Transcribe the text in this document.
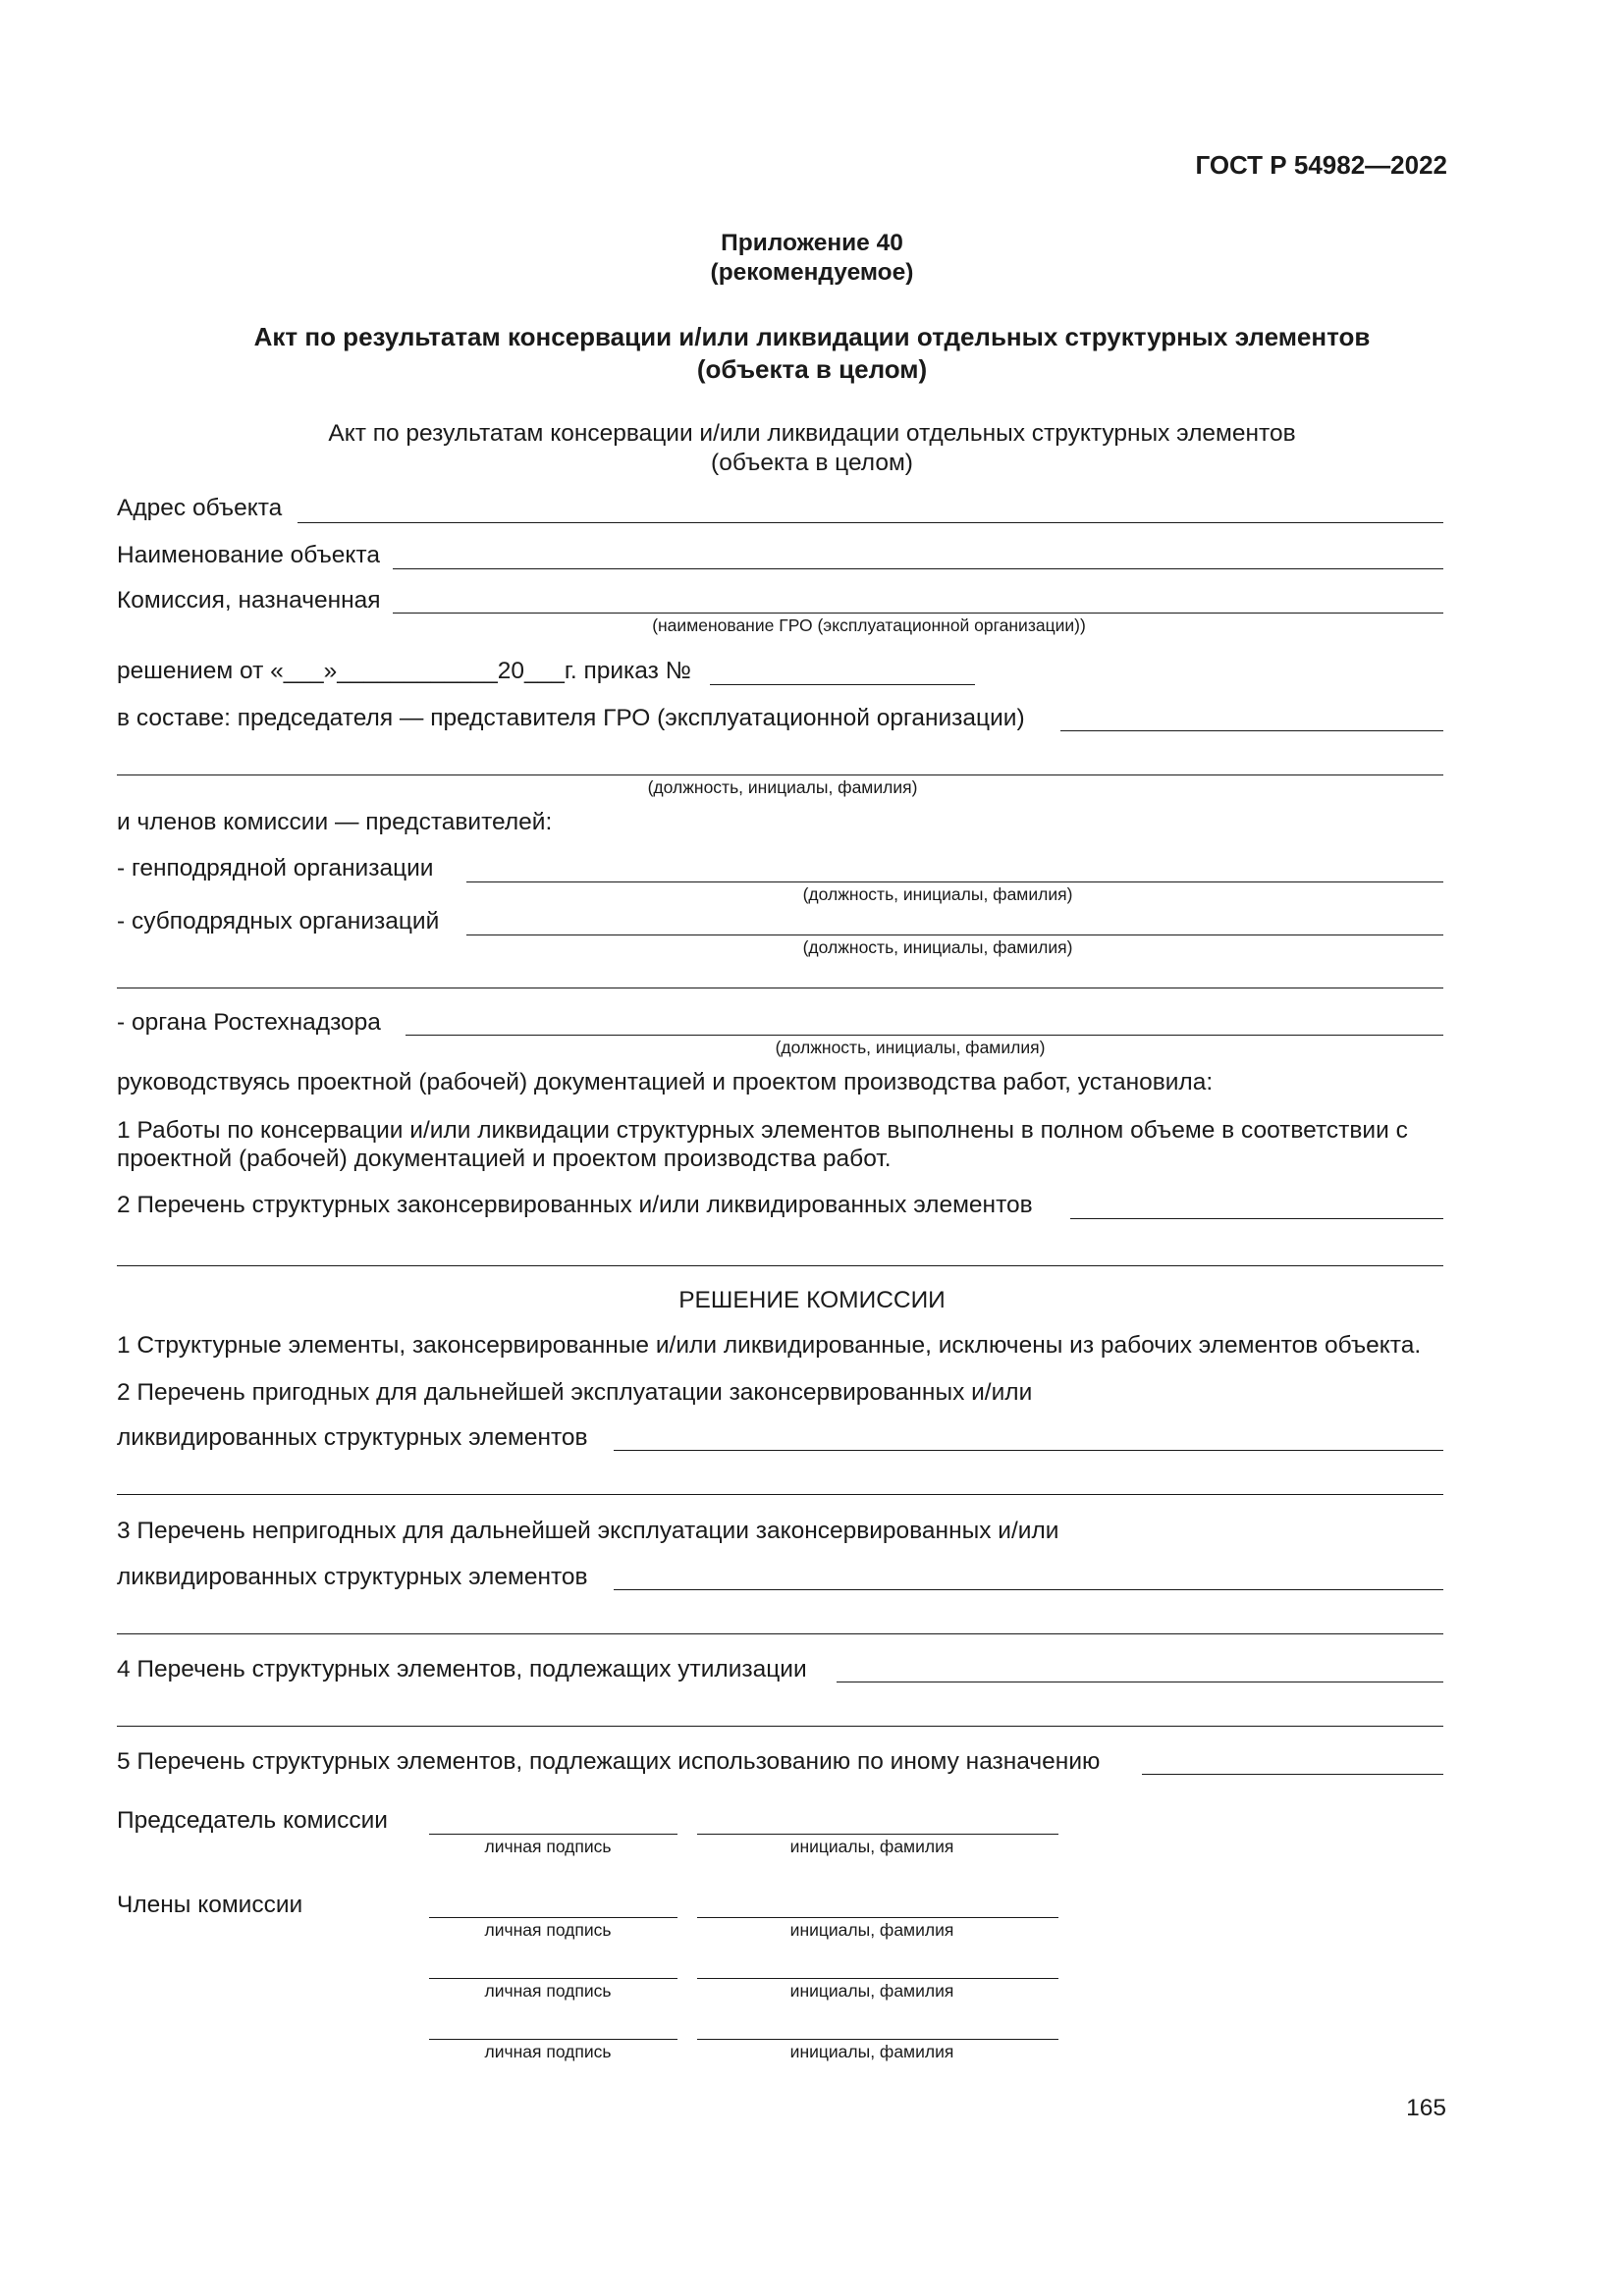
ГОСТ Р 54982—2022
Приложение 40
(рекомендуемое)
Акт по результатам консервации и/или ликвидации отдельных структурных элементов
(объекта в целом)
Акт по результатам консервации и/или ликвидации отдельных структурных элементов
(объекта в целом)
Адрес объекта
Наименование объекта
Комиссия, назначенная
(наименование ГРО (эксплуатационной организации))
решением от «___»____________20___г. приказ №
в составе: председателя — представителя ГРО (эксплуатационной организации)
(должность, инициалы, фамилия)
и членов комиссии — представителей:
- генподрядной организации
(должность, инициалы, фамилия)
- субподрядных организаций
(должность, инициалы, фамилия)
- органа Ростехнадзора
(должность, инициалы, фамилия)
руководствуясь проектной (рабочей) документацией и проектом производства работ, установила:
1 Работы по консервации и/или ликвидации структурных элементов выполнены в полном объеме в соответствии с
проектной (рабочей) документацией и проектом производства работ.
2 Перечень структурных законсервированных и/или ликвидированных элементов
РЕШЕНИЕ КОМИССИИ
1 Структурные элементы, законсервированные и/или ликвидированные, исключены из рабочих элементов объекта.
2 Перечень пригодных для дальнейшей эксплуатации законсервированных и/или
ликвидированных структурных элементов
3 Перечень непригодных для дальнейшей эксплуатации законсервированных и/или
ликвидированных структурных элементов
4 Перечень структурных элементов, подлежащих утилизации
5 Перечень структурных элементов, подлежащих использованию по иному назначению
Председатель комиссии
личная подпись	инициалы, фамилия
Члены комиссии
личная подпись	инициалы, фамилия
личная подпись	инициалы, фамилия
личная подпись	инициалы, фамилия
165
